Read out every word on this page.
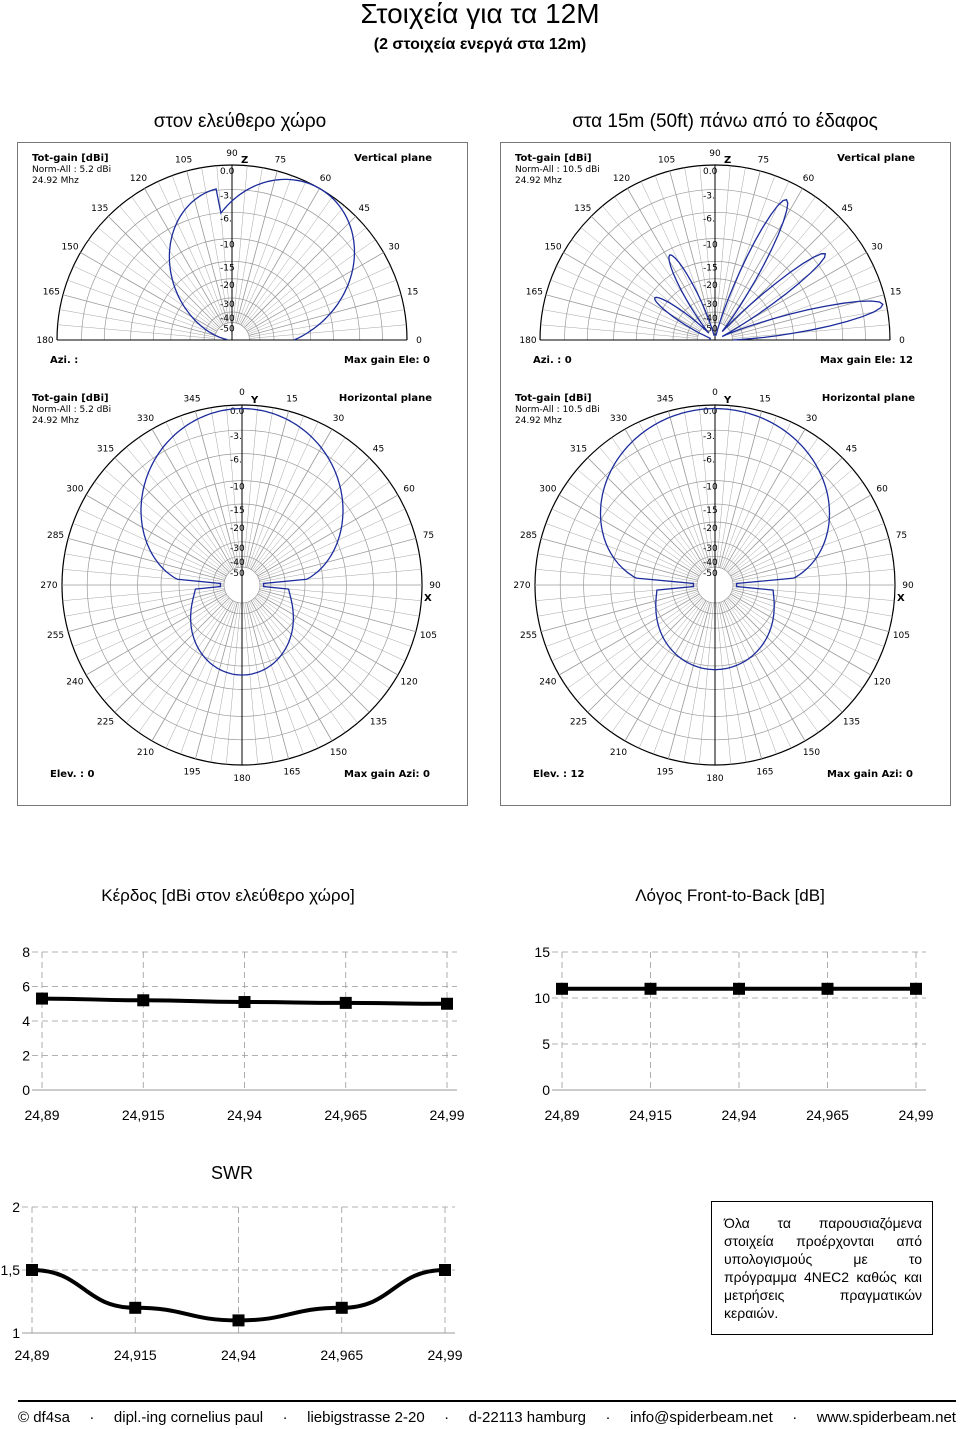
Στοιχεία για τα 12M
(2 στοιχεία ενεργά στα 12m)
στον ελεύθερο χώρο	στα 15m (50ft) πάνω από το έδαφος
0.0
-3.
-6.
-10
-15
-20
-30
-40
-50
180
165
150
135
120
105
90
75
60
45
30
15
0
Z
Tot-gain [dBi]
Norm-All : 5.2 dBi
24.92 Mhz
Vertical plane
Azi. :	Max gain Ele: 0
0.0
-3.
-6.
-10
-15
-20
-30
-40
-50
180
165
150
135
120
105
90
75
60
45
30
15
0
Z
Tot-gain [dBi]
Norm-All : 10.5 dBi
24.92 Mhz
Vertical plane
Azi. : 0	Max gain Ele: 12
0.0
-3.
-6.
-10
-15
-20
-30
-40
-50
0
15
30
45
60
75
90
105
120
135
150
165
180
195
210
225
240
255
270
285
300
315
330
345	Y
X
Tot-gain [dBi]
Norm-All : 5.2 dBi
24.92 Mhz
Horizontal plane
Elev. : 0	Max gain Azi: 0
0.0
-3.
-6.
-10
-15
-20
-30
-40
-50
0
15
30
45
60
75
90
105
120
135
150
165
180
195
210
225
240
255
270
285
300
315
330
345	Y
X
Tot-gain [dBi]
Norm-All : 10.5 dBi
24.92 Mhz
Horizontal plane
Elev. : 12	Max gain Azi: 0
Κέρδος [dBi στον ελεύθερο χώρο]	Λόγος Front-to-Back [dB]
SWR
0
2
4
6
8
24,89	24,915	24,94	24,965	24,99
0
5
10
15
24,89	24,915	24,94	24,965	24,99
1
1,5
2
24,89	24,915	24,94	24,965	24,99
Όλα τα παρουσιαζόμενα στοιχεία προέρχονται από υπολογισμούς με το πρόγραμμα 4NEC2 καθώς και μετρήσεις πραγματικών κεραιών.
© df4sa · dipl.-ing cornelius paul · liebigstrasse 2-20 · d-22113 hamburg · info@spiderbeam.net · www.spiderbeam.net
